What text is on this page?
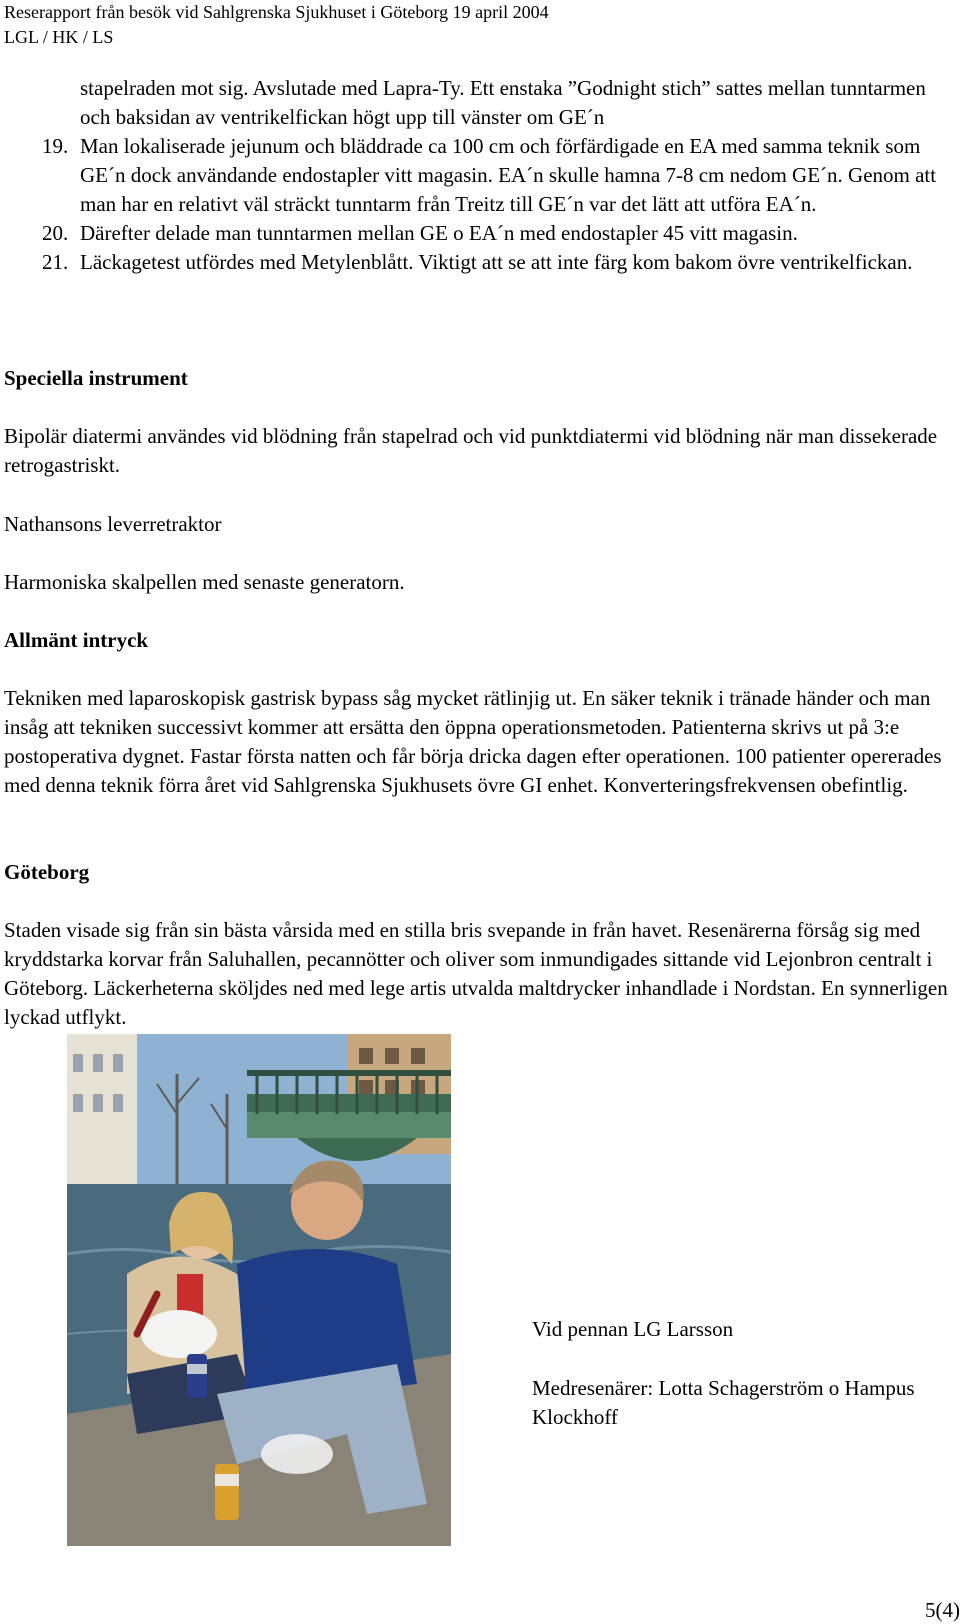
Reserapport från besök vid Sahlgrenska Sjukhuset i Göteborg 19 april 2004
LGL / HK / LS

stapelraden mot sig. Avslutade med Lapra-Ty. Ett enstaka ”Godnight stich” sattes mellan tunntarmen och baksidan av ventrikelfickan högt upp till vänster om GE´n

19. Man lokaliserade jejunum och bläddrade ca 100 cm och förfärdigade en EA med samma teknik som GE´n dock användande endostapler vitt magasin. EA´n skulle hamna 7-8 cm nedom GE´n. Genom att man har en relativt väl sträckt tunntarm från Treitz till GE´n var det lätt att utföra EA´n.
20. Därefter delade man tunntarmen mellan GE o EA´n med endostapler 45 vitt magasin.
21. Läckagetest utfördes med Metylenblått. Viktigt att se att inte färg kom bakom övre ventrikelfickan.
Speciella instrument

Bipolär diatermi användes vid blödning från stapelrad och vid punktdiatermi vid blödning när man dissekerade retrogastriskt.

Nathansons leverretraktor

Harmoniska skalpellen med senaste generatorn.

Allmänt intryck

Tekniken med laparoskopisk gastrisk bypass såg mycket rätlinjig ut. En säker teknik i tränade händer och man insåg att tekniken successivt kommer att ersätta den öppna operationsmetoden. Patienterna skrivs ut på 3:e postoperativa dygnet. Fastar första natten och får börja dricka dagen efter operationen. 100 patienter opererades med denna teknik förra året vid Sahlgrenska Sjukhusets övre GI enhet. Konverteringsfrekvensen obefintlig.

Göteborg

Staden visade sig från sin bästa vårsida med en stilla bris svepande in från havet. Resenärerna försåg sig med kryddstarka korvar från Saluhallen, pecannötter och oliver som inmundigades sittande vid Lejonbron centralt i Göteborg. Läckerheterna sköljdes ned med lege artis utvalda maltdrycker inhandlade i Nordstan. En synnerligen lyckad utflykt.

Vid pennan LG Larsson

Medresenärer: Lotta Schagerström o Hampus Klockhoff

5(4)
